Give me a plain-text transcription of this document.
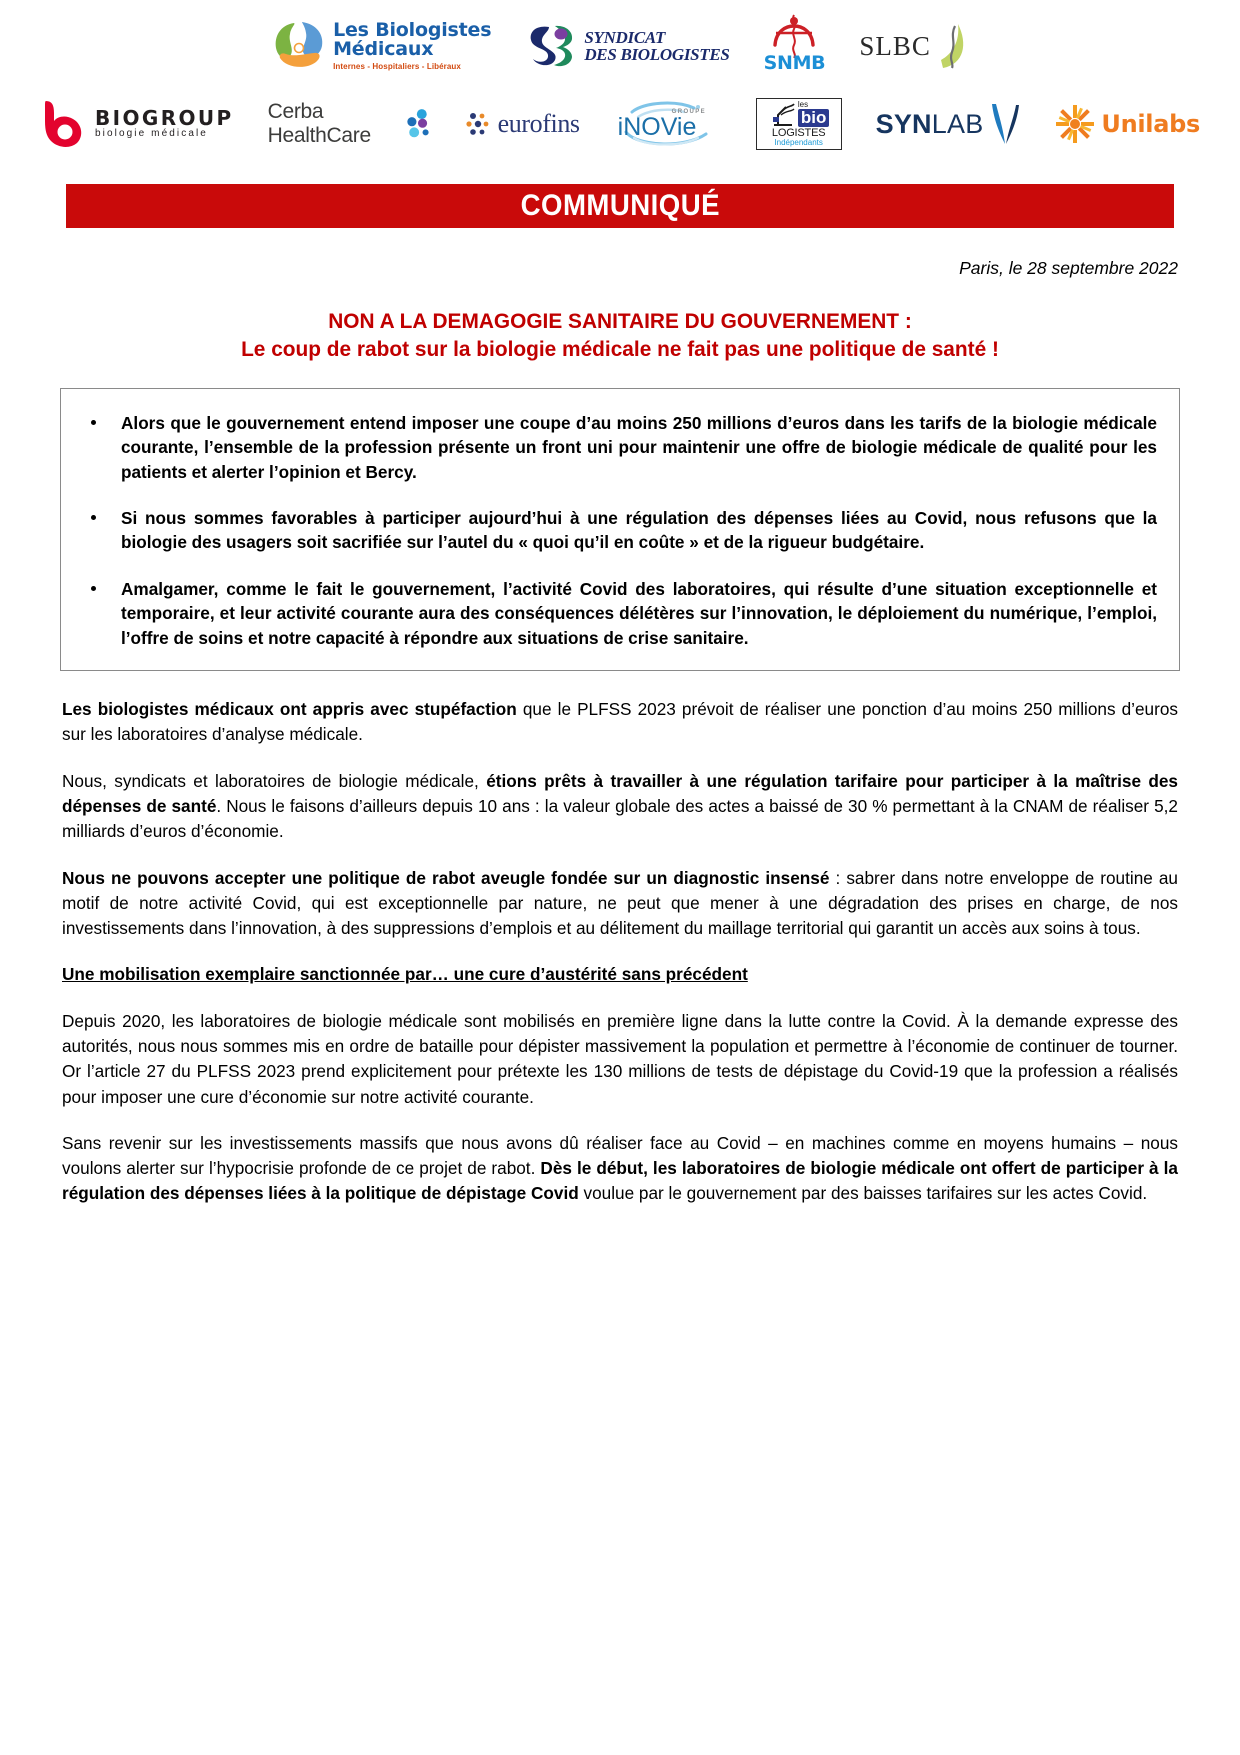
Les Biologistes
Médicaux
Internes - Hospitaliers - Libéraux
SYNDICAT
DES BIOLOGISTES SNMB
SLBC
BIOGROUP
biologie médicale
Cerba HealthCare	eurofins	GROUPE
iNOVie
les
bio
LOGISTES
Indépendants
SYNLAB	Unilabs
COMMUNIQUÉ
Paris, le 28 septembre 2022
NON A LA DEMAGOGIE SANITAIRE DU GOUVERNEMENT :
Le coup de rabot sur la biologie médicale ne fait pas une politique de santé !
Alors que le gouvernement entend imposer une coupe d’au moins 250 millions d’euros dans les tarifs de la biologie médicale courante, l’ensemble de la profession présente un front uni pour maintenir une offre de biologie médicale de qualité pour les patients et alerter l’opinion et Bercy.
Si nous sommes favorables à participer aujourd’hui à une régulation des dépenses liées au Covid, nous refusons que la biologie des usagers soit sacrifiée sur l’autel du « quoi qu’il en coûte » et de la rigueur budgétaire.
Amalgamer, comme le fait le gouvernement, l’activité Covid des laboratoires, qui résulte d’une situation exceptionnelle et temporaire, et leur activité courante aura des conséquences délétères sur l’innovation, le déploiement du numérique, l’emploi, l’offre de soins et notre capacité à répondre aux situations de crise sanitaire.

Les biologistes médicaux ont appris avec stupéfaction que le PLFSS 2023 prévoit de réaliser une ponction d’au moins 250 millions d’euros sur les laboratoires d’analyse médicale.

Nous, syndicats et laboratoires de biologie médicale, étions prêts à travailler à une régulation tarifaire pour participer à la maîtrise des dépenses de santé. Nous le faisons d’ailleurs depuis 10 ans : la valeur globale des actes a baissé de 30 % permettant à la CNAM de réaliser 5,2 milliards d’euros d’économie.

Nous ne pouvons accepter une politique de rabot aveugle fondée sur un diagnostic insensé : sabrer dans notre enveloppe de routine au motif de notre activité Covid, qui est exceptionnelle par nature, ne peut que mener à une dégradation des prises en charge, de nos investissements dans l’innovation, à des suppressions d’emplois et au délitement du maillage territorial qui garantit un accès aux soins à tous.

Une mobilisation exemplaire sanctionnée par… une cure d’austérité sans précédent

Depuis 2020, les laboratoires de biologie médicale sont mobilisés en première ligne dans la lutte contre la Covid. À la demande expresse des autorités, nous nous sommes mis en ordre de bataille pour dépister massivement la population et permettre à l’économie de continuer de tourner. Or l’article 27 du PLFSS 2023 prend explicitement pour prétexte les 130 millions de tests de dépistage du Covid-19 que la profession a réalisés pour imposer une cure d’économie sur notre activité courante.

Sans revenir sur les investissements massifs que nous avons dû réaliser face au Covid – en machines comme en moyens humains – nous voulons alerter sur l’hypocrisie profonde de ce projet de rabot. Dès le début, les laboratoires de biologie médicale ont offert de participer à la régulation des dépenses liées à la politique de dépistage Covid voulue par le gouvernement par des baisses tarifaires sur les actes Covid.
